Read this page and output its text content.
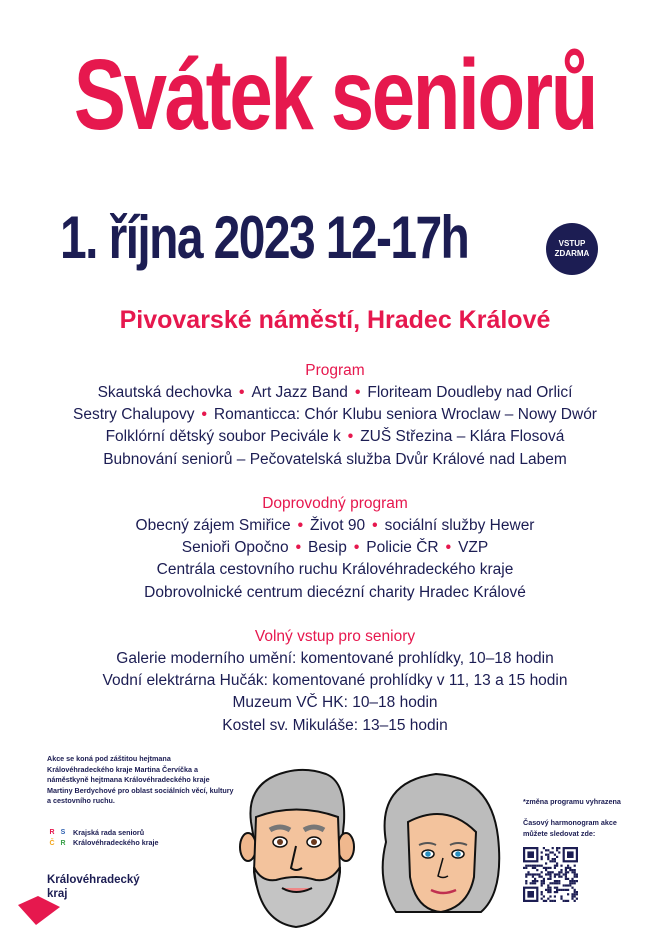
Svátek seniorů
1. října 2023 12-17h	VSTUP
ZDARMA
Pivovarské náměstí, Hradec Králové
Program
Skautská dechovka • Art Jazz Band • Floriteam Doudleby nad Orlicí
Sestry Chalupovy • Romanticca: Chór Klubu seniora Wroclaw – Nowy Dwór
Folklórní dětský soubor Pecivále k • ZUŠ Střezina – Klára Flosová
Bubnování seniorů – Pečovatelská služba Dvůr Králové nad Labem
Doprovodný program
Obecný zájem Smiřice • Život 90 • sociální služby Hewer
Senioři Opočno • Besip • Policie ČR • VZP
Centrála cestovního ruchu Královéhradeckého kraje
Dobrovolnické centrum diecézní charity Hradec Králové
Volný vstup pro seniory
Galerie moderního umění: komentované prohlídky, 10–18 hodin
Vodní elektrárna Hučák: komentované prohlídky v 11, 13 a 15 hodin
Muzeum VČ HK: 10–18 hodin
Kostel sv. Mikuláše: 13–15 hodin
Akce se koná pod záštitou hejtmana Královéhradeckého kraje Martina Červíčka a náměstkyně hejtmana Královéhradeckého kraje Martiny Berdychové pro oblast sociálních věcí, kultury a cestovního ruchu.
R S
Č R
Krajská rada seniorů
Královéhradeckého kraje
Královéhradecký
kraj
*změna programu vyhrazena
Časový harmonogram akce můžete sledovat zde:
